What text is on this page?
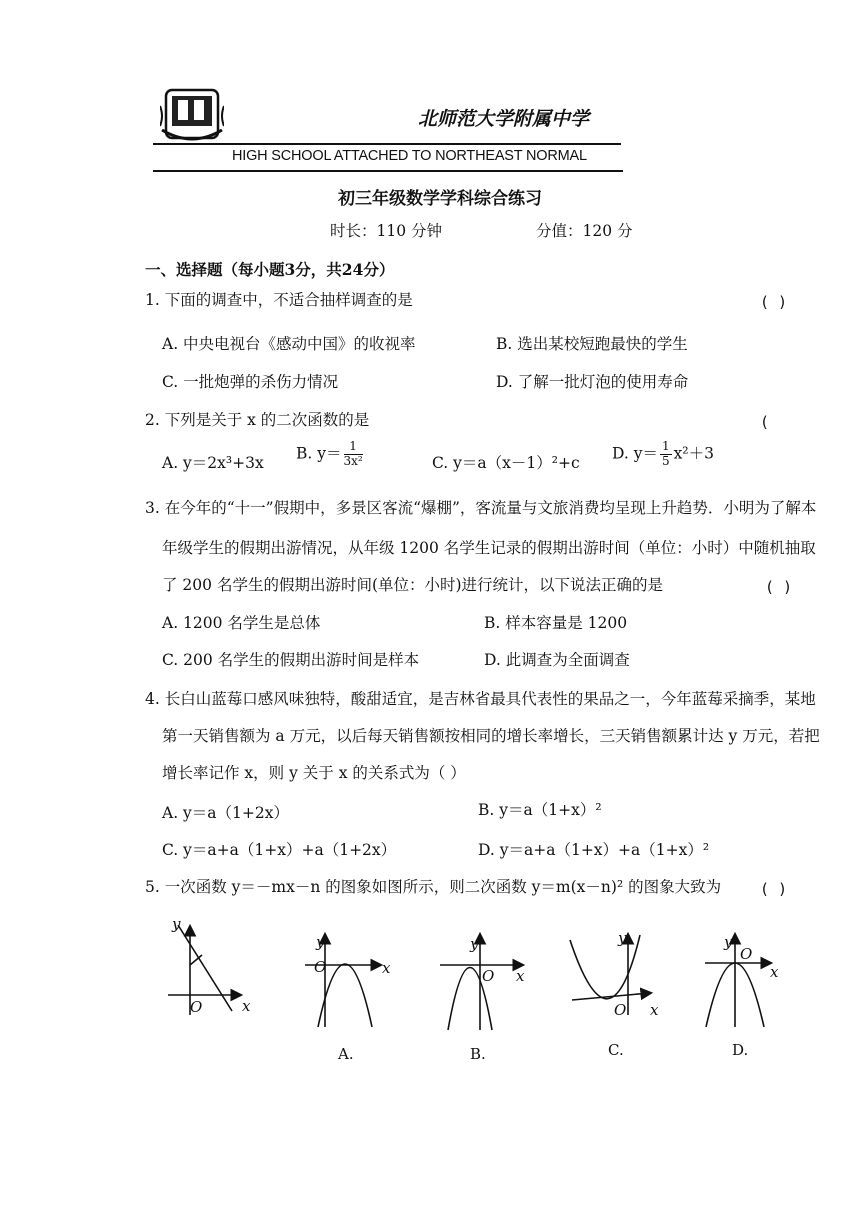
北师范大学附属中学
HIGH SCHOOL ATTACHED TO NORTHEAST NORMAL
初三年级数学学科综合练习
时长：110 分钟	分值：120 分
一、选择题（每小题3分，共24分）
1. 下面的调查中，不适合抽样调查的是	( )
A. 中央电视台《感动中国》的收视率	B. 选出某校短跑最快的学生
C. 一批炮弹的杀伤力情况	D. 了解一批灯泡的使用寿命
2. 下列是关于 x 的二次函数的是	(
A. y＝2x³+3x
B. $y= \frac{1}{\text{3x²}}$	C. y＝a（x－1）²+c
D. $y= \frac{1}{5} x^2+3$
3. 在今年的“十一”假期中，多景区客流“爆棚”，客流量与文旅消费均呈现上升趋势．小明为了解本
年级学生的假期出游情况，从年级 1200 名学生记录的假期出游时间（单位：小时）中随机抽取
了 200 名学生的假期出游时间(单位：小时)进行统计，以下说法正确的是	( )
A. 1200 名学生是总体	B. 样本容量是 1200
C. 200 名学生的假期出游时间是样本	D. 此调查为全面调查
4. 长白山蓝莓口感风味独特，酸甜适宜，是吉林省最具代表性的果品之一，今年蓝莓采摘季，某地
第一天销售额为 a 万元，以后每天销售额按相同的增长率增长，三天销售额累计达 y 万元，若把
增长率记作 x，则 y 关于 x 的关系式为（ ）
A. y＝a（1+2x）	B. y＝a（1+x）²
C. y＝a+a（1+x）+a（1+2x）	D. y＝a+a（1+x）+a（1+x）²
5. 一次函数 y＝－mx－n 的图象如图所示，则二次函数 y＝m(x－n)² 的图象大致为	( )
y
x
O
y
x
O
y
x
O
y
x
O
y
x
O
A.	B.	C.	D.
